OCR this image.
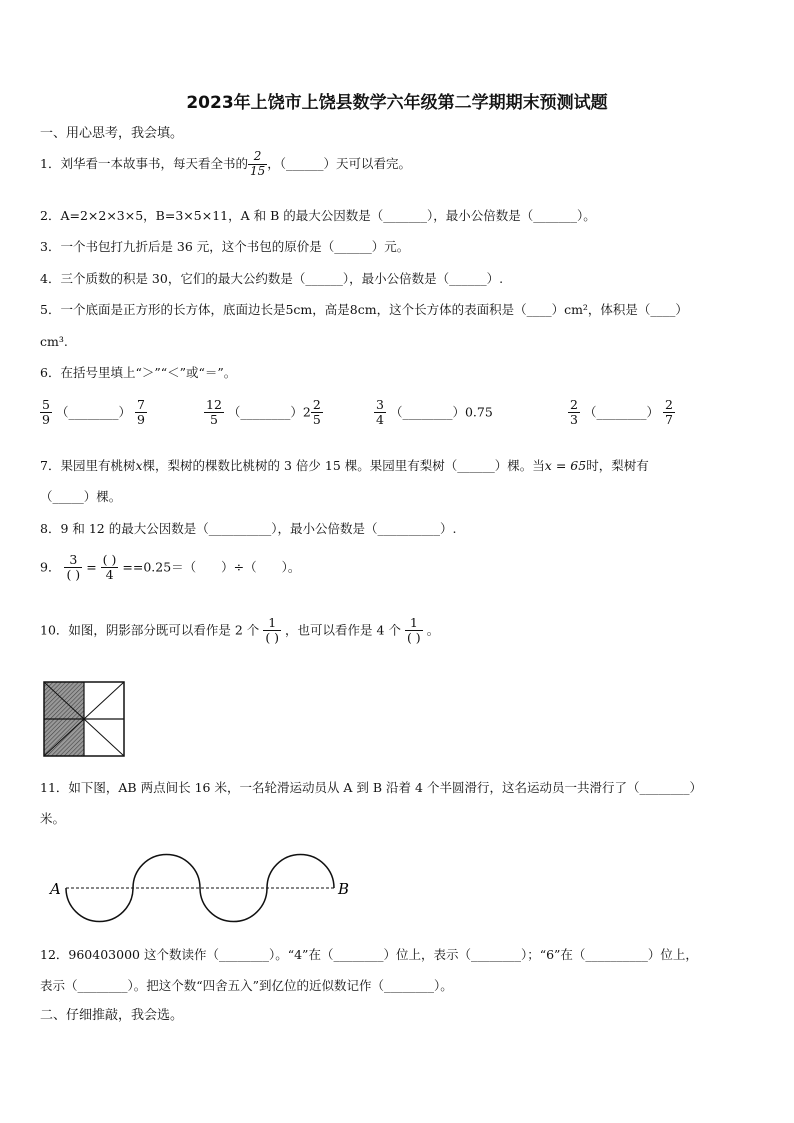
2023年上饶市上饶县数学六年级第二学期期末预测试题
一、用心思考，我会填。
1．刘华看一本故事书，每天看全书的 $\frac{2}{15}$ ，（______）天可以看完。
2．A=2×2×3×5，B=3×5×11，A 和 B 的最大公因数是（_______），最小公倍数是（_______）。
3．一个书包打九折后是 36 元，这个书包的原价是（______）元。
4．三个质数的积是 30，它们的最大公约数是（______），最小公倍数是（______）.
5．一个底面是正方形的长方体，底面边长是5cm，高是8cm，这个长方体的表面积是（____）cm²，体积是（____）
cm³.
6．在括号里填上“＞”“＜”或“＝”。
$\frac{5}{9}$ （________） $\frac{7}{9}$	$\frac{12}{5}$ （________）2 $\frac{2}{5}$	$\frac{3}{4}$ （________）0.75	$\frac{2}{3}$ （________） $\frac{2}{7}$
7．果园里有桃树x棵，梨树的棵数比桃树的 3 倍少 15 棵。果园里有梨树（______）棵。当x = 65时，梨树有
（_____）棵。
8．9 和 12 的最大公因数是（__________），最小公倍数是（__________）.
9． $\frac{3}{( )} = \frac{( )}{4} ==0.25=$（　　）÷（　　）。
10．如图，阴影部分既可以看作是 2 个 $\frac{1}{( )}$ ，也可以看作是 4 个 $\frac{1}{( )}$ 。
11．如下图，AB 两点间长 16 米，一名轮滑运动员从 A 到 B 沿着 4 个半圆滑行，这名运动员一共滑行了（________）
米。
A	B
12．960403000 这个数读作（________）。“4”在（________）位上，表示（________）；“6”在（__________）位上，
表示（________）。把这个数“四舍五入”到亿位的近似数记作（________）。
二、仔细推敲，我会选。
